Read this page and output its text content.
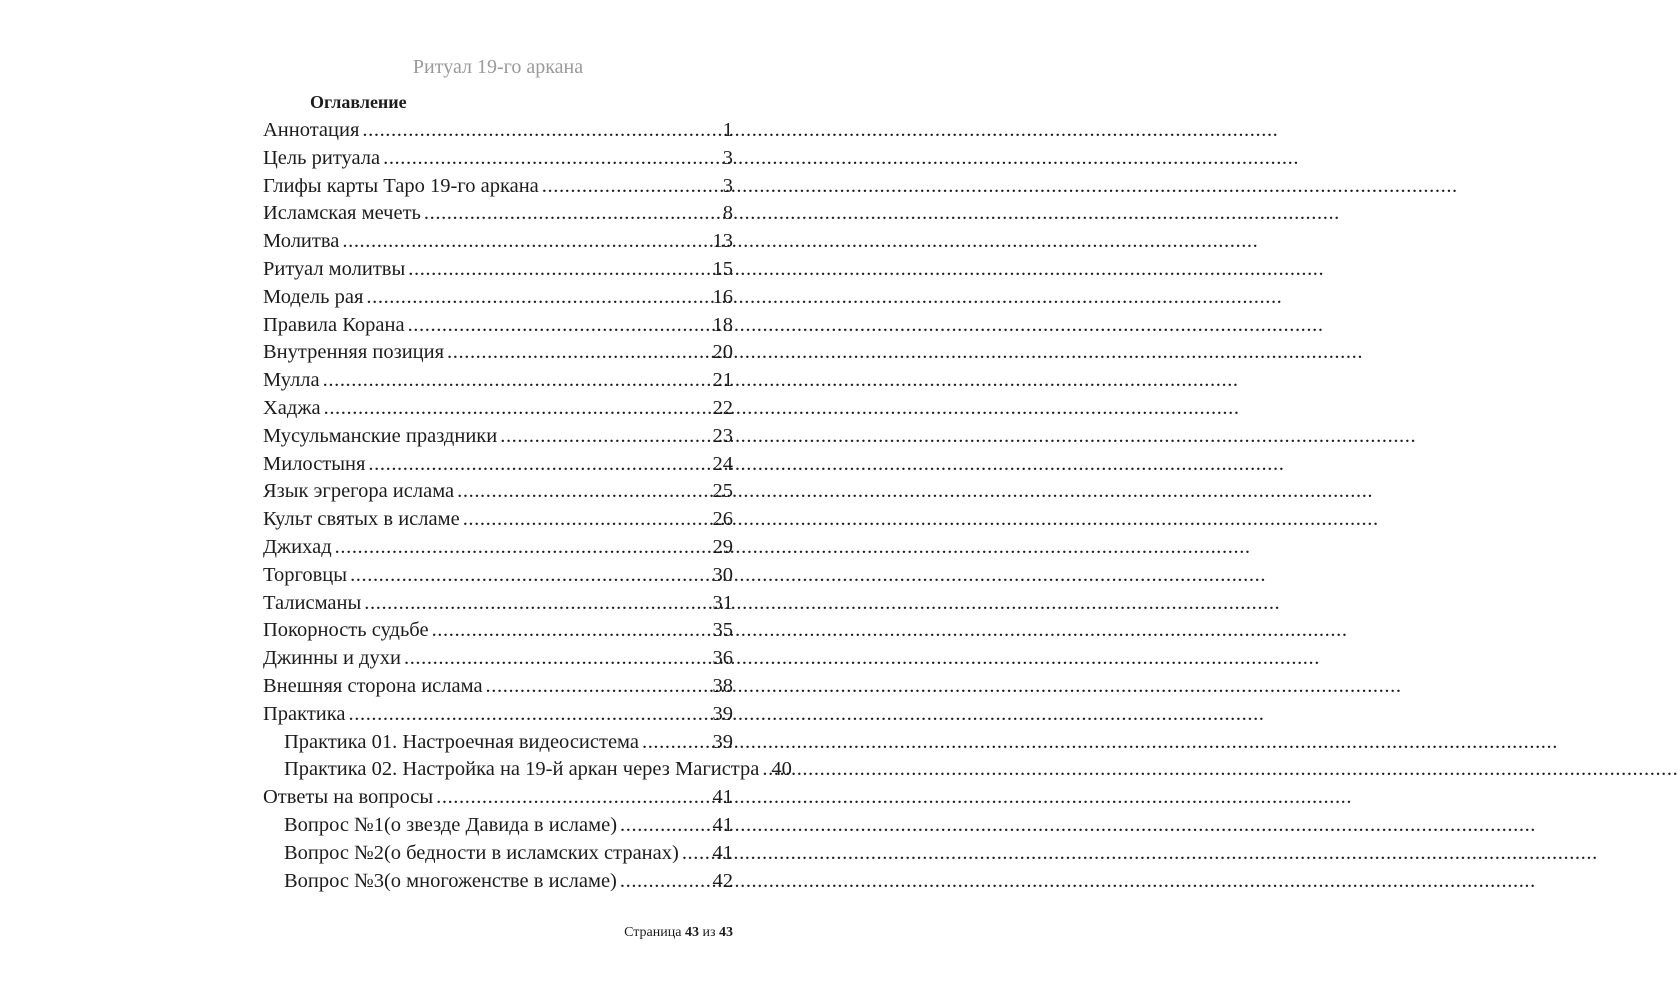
Ритуал 19-го аркана
Оглавление
Аннотация .....	1
Цель ритуала .....	3
Глифы карты Таро 19-го аркана .....	3
Исламская мечеть .....	8
Молитва .....	13
Ритуал молитвы .....	15
Модель рая .....	16
Правила Корана .....	18
Внутренняя позиция .....	20
Мулла .....	21
Хаджа .....	22
Мусульманские праздники .....	23
Милостыня .....	24
Язык эгрегора ислама .....	25
Культ святых в исламе .....	26
Джихад .....	29
Торговцы .....	30
Талисманы .....	31
Покорность судьбе .....	35
Джинны и духи .....	36
Внешняя сторона ислама .....	38
Практика .....	39
Практика 01. Настроечная видеосистема .....	39
Практика 02. Настройка на 19-й аркан через Магистра ..... 40
Ответы на вопросы .....	41
Вопрос №1(о звезде Давида в исламе) .....	41
Вопрос №2(о бедности в исламских странах) ..... 41
Вопрос №3(о многоженстве в исламе) .....	42
Страница 43 из 43
